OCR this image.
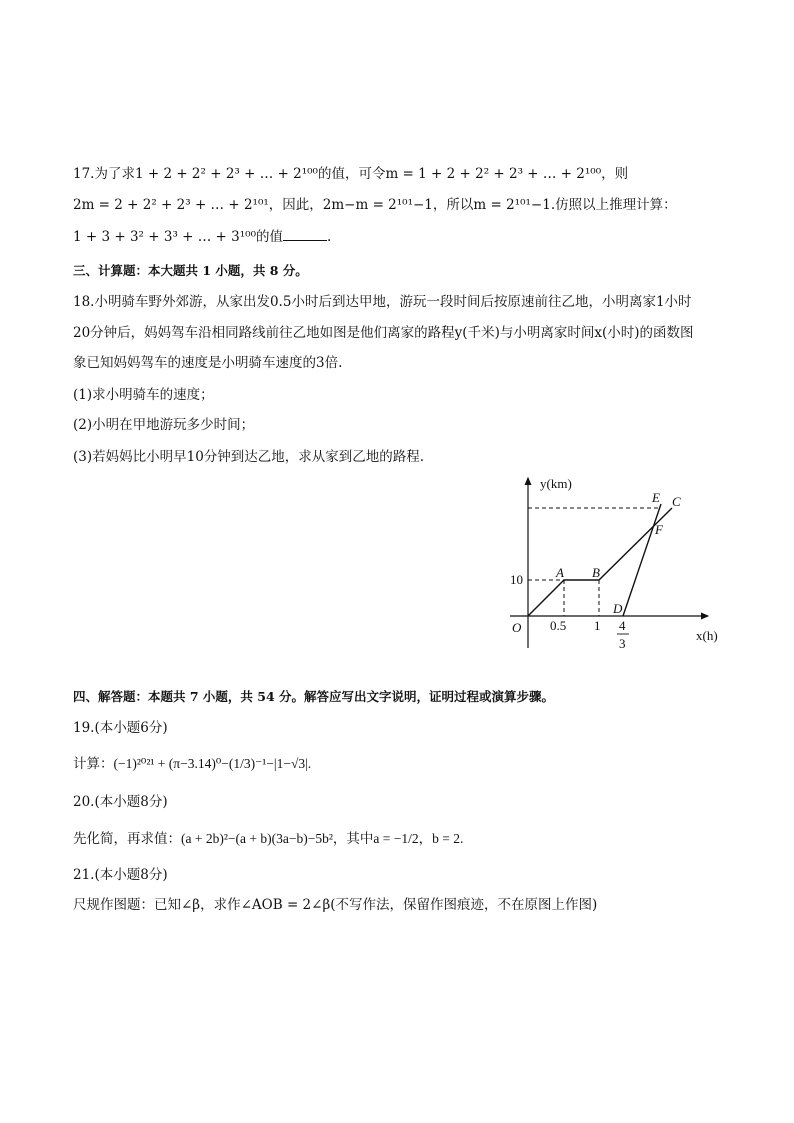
17.为了求1 + 2 + 2² + 2³ + … + 2¹⁰⁰的值，可令m = 1 + 2 + 2² + 2³ + … + 2¹⁰⁰，则
2m = 2 + 2² + 2³ + … + 2¹⁰¹，因此，2m−m = 2¹⁰¹−1，所以m = 2¹⁰¹−1.仿照以上推理计算：
1 + 3 + 3² + 3³ + … + 3¹⁰⁰的值	.
三、计算题：本大题共 1 小题，共 8 分。
18.小明骑车野外郊游，从家出发0.5小时后到达甲地，游玩一段时间后按原速前往乙地，小明离家1小时
20分钟后，妈妈驾车沿相同路线前往乙地如图是他们离家的路程y(千米)与小明离家时间x(小时)的函数图
象已知妈妈驾车的速度是小明骑车速度的3倍.
(1)求小明骑车的速度；
(2)小明在甲地游玩多少时间；
(3)若妈妈比小明早10分钟到达乙地，求从家到乙地的路程.
y(km)
x(h)
O
10
0.5 1 4
3
A B
C
D
E
F
四、解答题：本题共 7 小题，共 54 分。解答应写出文字说明，证明过程或演算步骤。
19.(本小题6分)
计算：(−1)²⁰²¹ + (π−3.14)⁰−(1/3)⁻¹−|1−√3|.
20.(本小题8分)
先化简，再求值：(a + 2b)²−(a + b)(3a−b)−5b²，其中a = −1/2，b = 2.
21.(本小题8分)
尺规作图题：已知∠β，求作∠AOB = 2∠β(不写作法，保留作图痕迹，不在原图上作图)
